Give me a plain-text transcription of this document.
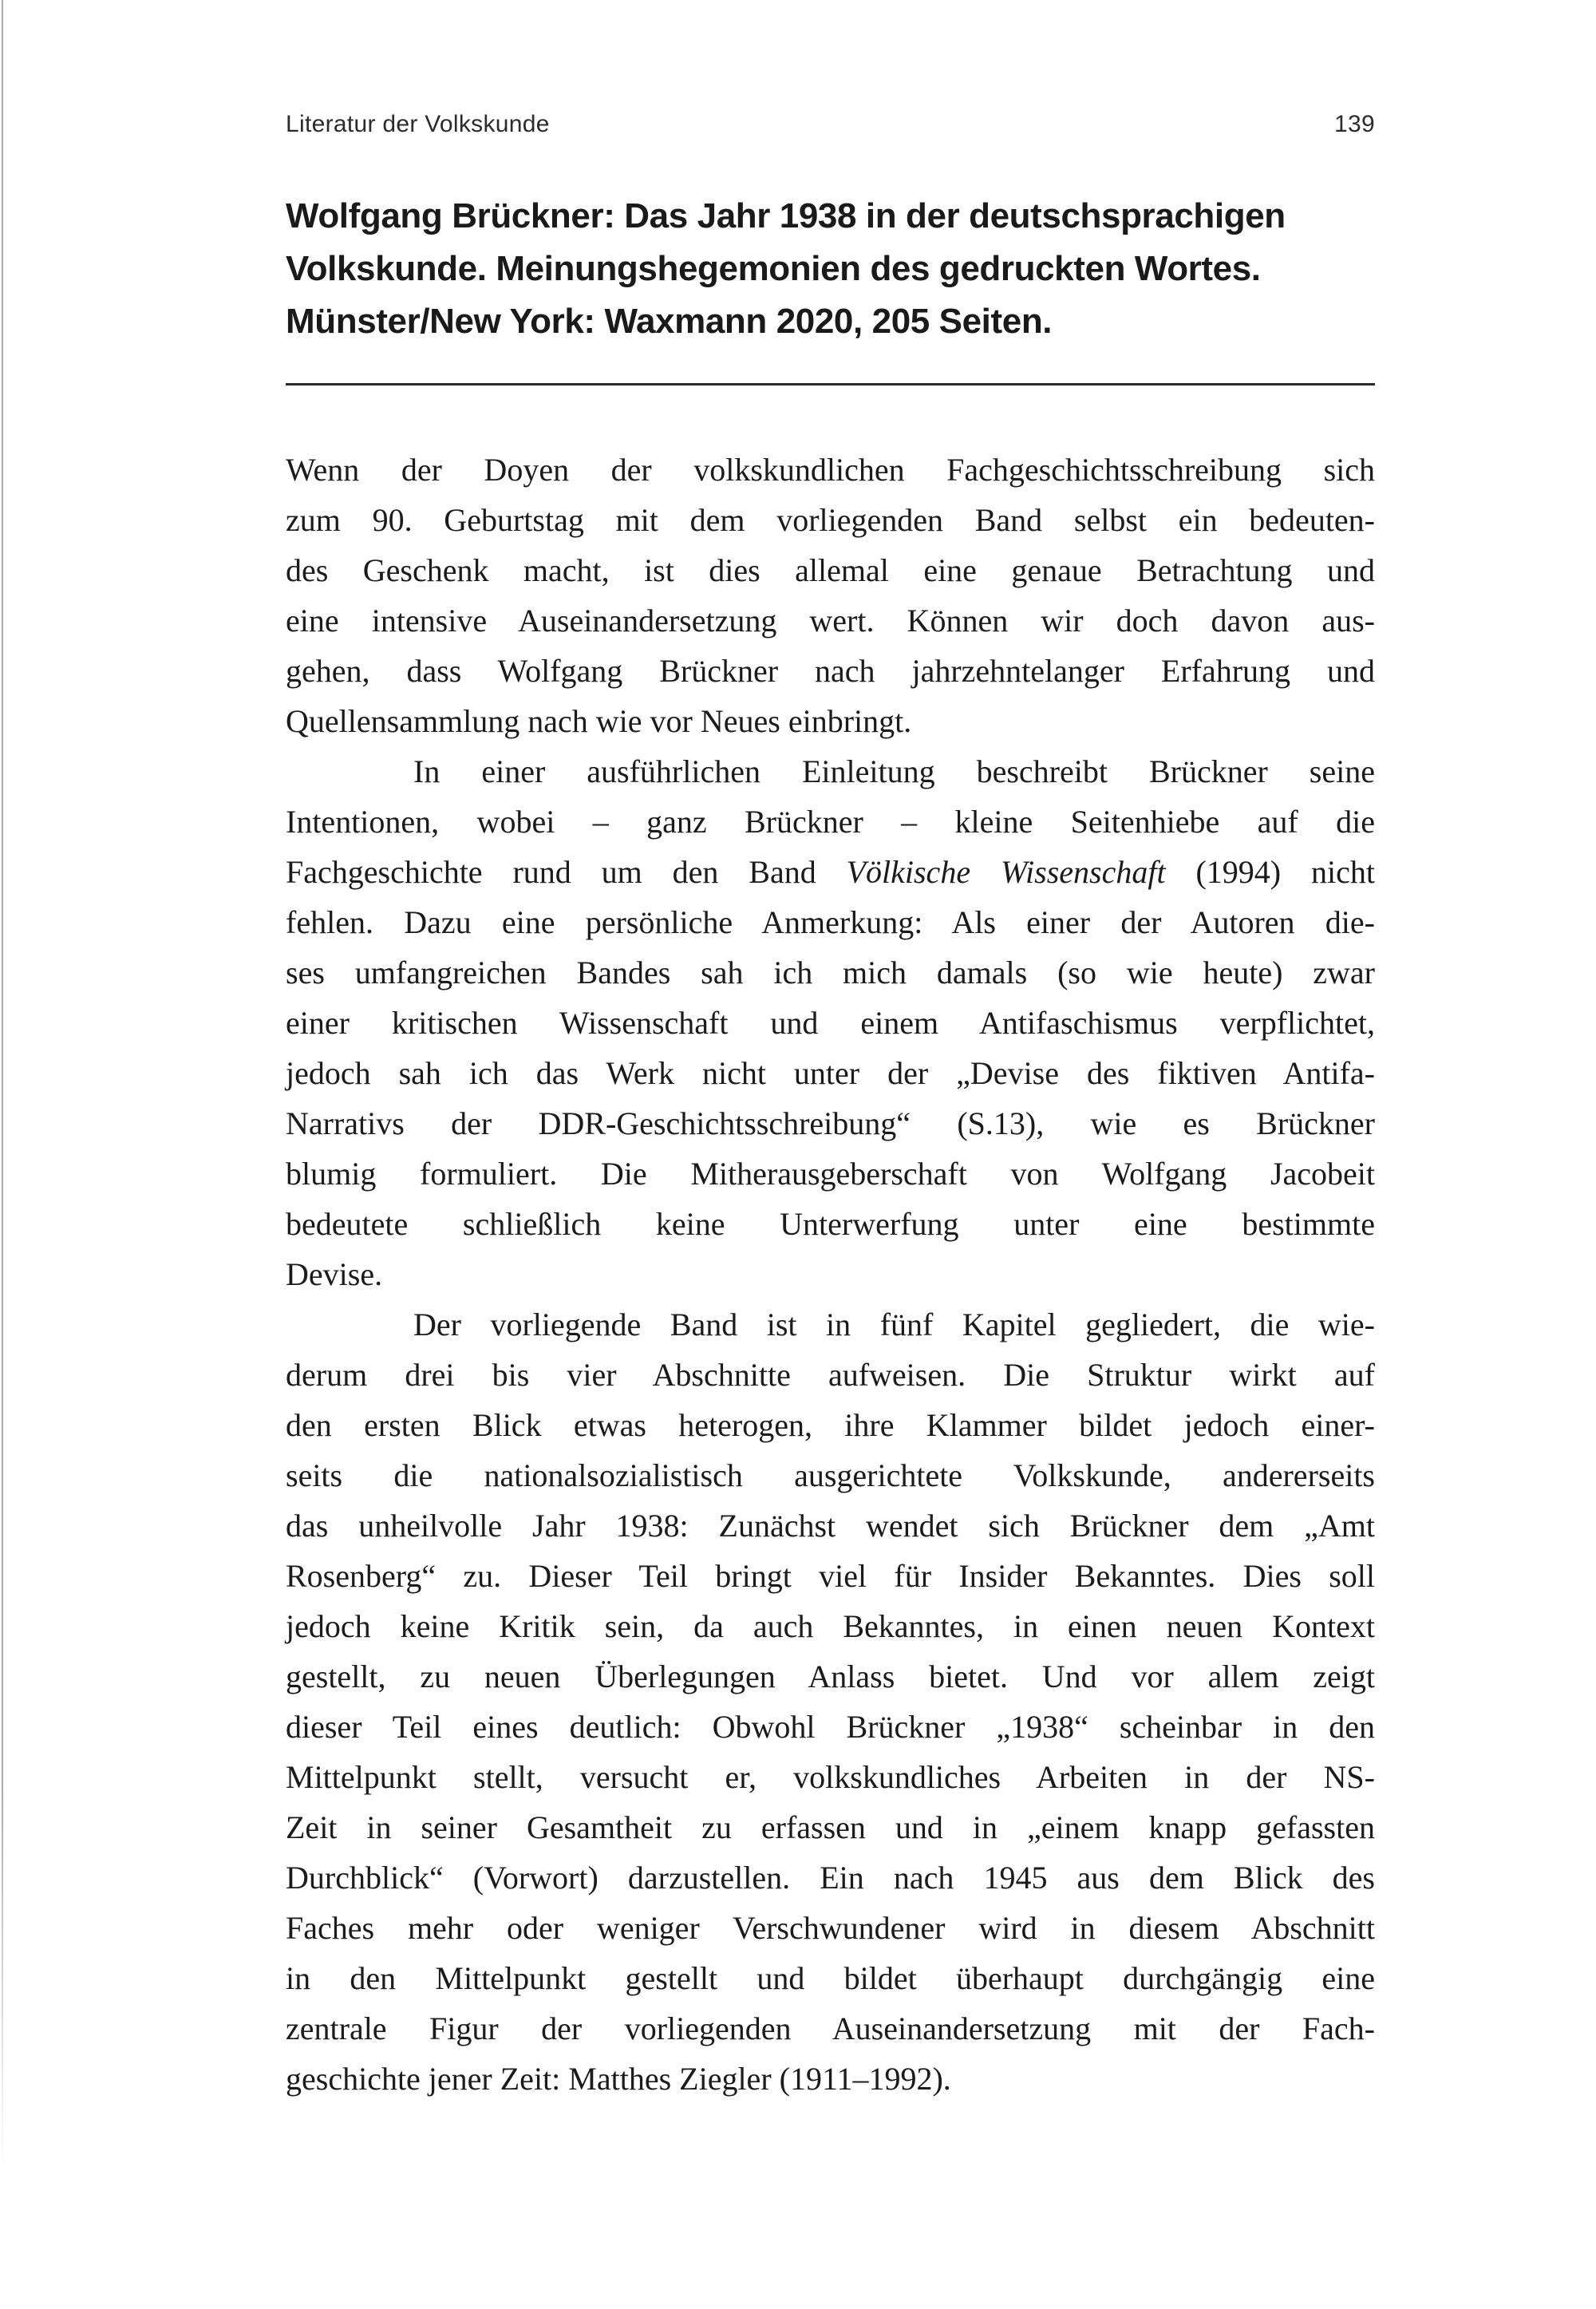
Literatur der Volkskunde	139
Wolfgang Brückner: Das Jahr 1938 in der deutschsprachigen
Volkskunde. Meinungshegemonien des gedruckten Wortes.
Münster/New York: Waxmann 2020, 205 Seiten.
Wenn der Doyen der volkskundlichen Fachgeschichtsschreibung sich
zum 90. Geburtstag mit dem vorliegenden Band selbst ein bedeuten-
des Geschenk macht, ist dies allemal eine genaue Betrachtung und
eine intensive Auseinandersetzung wert. Können wir doch davon aus-
gehen, dass Wolfgang Brückner nach jahrzehntelanger Erfahrung und
Quellensammlung nach wie vor Neues einbringt.
In einer ausführlichen Einleitung beschreibt Brückner seine
Intentionen, wobei – ganz Brückner – kleine Seitenhiebe auf die
Fachgeschichte rund um den Band Völkische Wissenschaft (1994) nicht
fehlen. Dazu eine persönliche Anmerkung: Als einer der Autoren die-
ses umfangreichen Bandes sah ich mich damals (so wie heute) zwar
einer kritischen Wissenschaft und einem Antifaschismus verpflichtet,
jedoch sah ich das Werk nicht unter der „Devise des fiktiven Antifa-
Narrativs der DDR-Geschichtsschreibung“ (S.13), wie es Brückner
blumig formuliert. Die Mitherausgeberschaft von Wolfgang Jacobeit
bedeutete schließlich keine Unterwerfung unter eine bestimmte
Devise.
Der vorliegende Band ist in fünf Kapitel gegliedert, die wie-
derum drei bis vier Abschnitte aufweisen. Die Struktur wirkt auf
den ersten Blick etwas heterogen, ihre Klammer bildet jedoch einer-
seits die nationalsozialistisch ausgerichtete Volkskunde, andererseits
das unheilvolle Jahr 1938: Zunächst wendet sich Brückner dem „Amt
Rosenberg“ zu. Dieser Teil bringt viel für Insider Bekanntes. Dies soll
jedoch keine Kritik sein, da auch Bekanntes, in einen neuen Kontext
gestellt, zu neuen Überlegungen Anlass bietet. Und vor allem zeigt
dieser Teil eines deutlich: Obwohl Brückner „1938“ scheinbar in den
Mittelpunkt stellt, versucht er, volkskundliches Arbeiten in der NS-
Zeit in seiner Gesamtheit zu erfassen und in „einem knapp gefassten
Durchblick“ (Vorwort) darzustellen. Ein nach 1945 aus dem Blick des
Faches mehr oder weniger Verschwundener wird in diesem Abschnitt
in den Mittelpunkt gestellt und bildet überhaupt durchgängig eine
zentrale Figur der vorliegenden Auseinandersetzung mit der Fach-
geschichte jener Zeit: Matthes Ziegler (1911–1992).
